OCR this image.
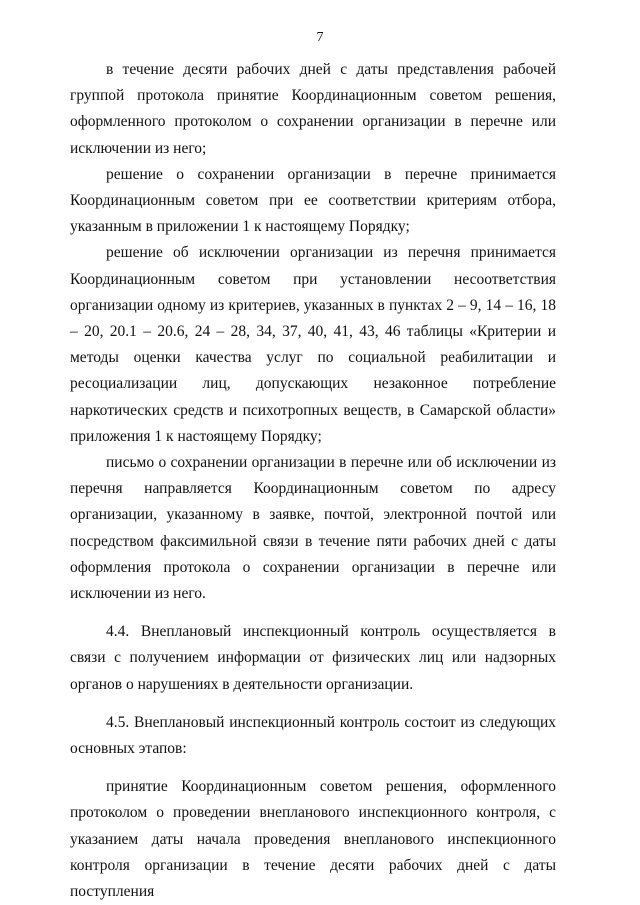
7

в течение десяти рабочих дней с даты представления рабочей группой протокола принятие Координационным советом решения, оформленного протоколом о сохранении организации в перечне или исключении из него;

решение о сохранении организации в перечне принимается Координационным советом при ее соответствии критериям отбора, указанным в приложении 1 к настоящему Порядку;

решение об исключении организации из перечня принимается Координационным советом при установлении несоответствия организации одному из критериев, указанных в пунктах 2 – 9, 14 – 16, 18 – 20, 20.1 – 20.6, 24 – 28, 34, 37, 40, 41, 43, 46 таблицы «Критерии и методы оценки качества услуг по социальной реабилитации и ресоциализации лиц, допускающих незаконное потребление наркотических средств и психотропных веществ, в Самарской области» приложения 1 к настоящему Порядку;

письмо о сохранении организации в перечне или об исключении из перечня направляется Координационным советом по адресу организации, указанному в заявке, почтой, электронной почтой или посредством факсимильной связи в течение пяти рабочих дней с даты оформления протокола о сохранении организации в перечне или исключении из него.

4.4. Внеплановый инспекционный контроль осуществляется в связи с получением информации от физических лиц или надзорных органов о нарушениях в деятельности организации.

4.5. Внеплановый инспекционный контроль состоит из следующих основных этапов:

принятие Координационным советом решения, оформленного протоколом о проведении внепланового инспекционного контроля, с указанием даты начала проведения внепланового инспекционного контроля организации в течение десяти рабочих дней с даты поступления
